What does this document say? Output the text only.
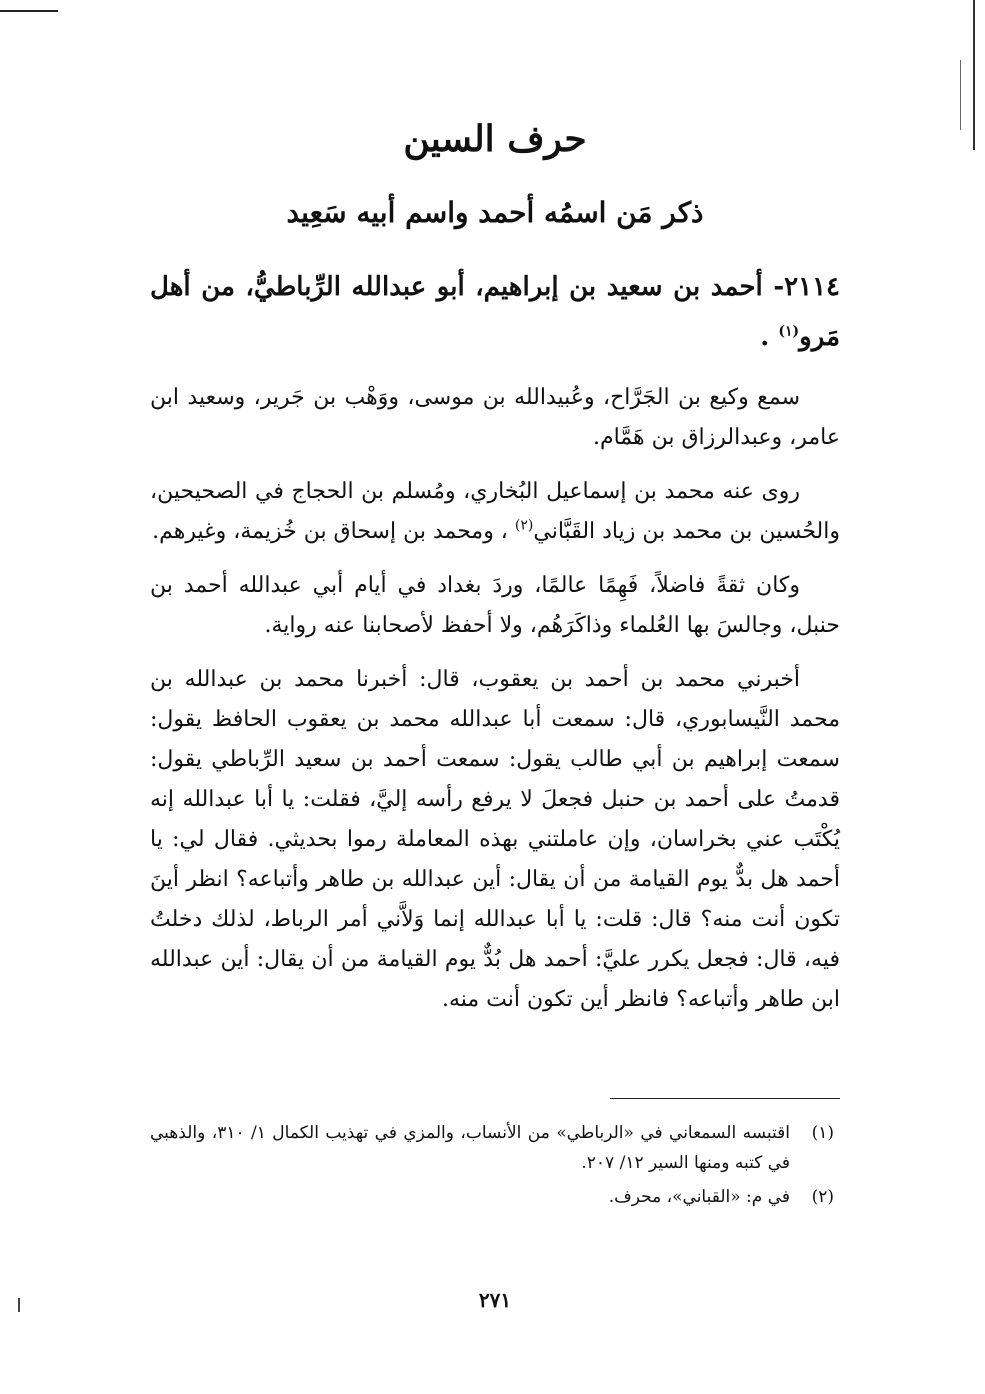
حرف السين
ذكر مَن اسمُه أحمد واسم أبيه سَعِيد

٢١١٤- أحمد بن سعيد بن إبراهيم، أبو عبدالله الرِّباطيُّ، من أهل مَرو$^{(١)}$ .

سمع وكيع بن الجَرَّاح، وعُبيدالله بن موسى، ووَهْب بن جَرير، وسعيد ابن عامر، وعبدالرزاق بن هَمَّام.

روى عنه محمد بن إسماعيل البُخاري، ومُسلم بن الحجاج في الصحيحين، والحُسين بن محمد بن زياد القَبَّاني$^{(٢)}$ ، ومحمد بن إسحاق بن خُزيمة، وغيرهم.

وكان ثقةً فاضلاً، فَهِمًا عالمًا، وردَ بغداد في أيام أبي عبدالله أحمد بن حنبل، وجالسَ بها العُلماء وذاكَرَهُم، ولا أحفظ لأصحابنا عنه رواية.

أخبرني محمد بن أحمد بن يعقوب، قال: أخبرنا محمد بن عبدالله بن محمد النَّيسابوري، قال: سمعت أبا عبدالله محمد بن يعقوب الحافظ يقول: سمعت إبراهيم بن أبي طالب يقول: سمعت أحمد بن سعيد الرِّباطي يقول: قدمتُ على أحمد بن حنبل فجعلَ لا يرفع رأسه إليَّ، فقلت: يا أبا عبدالله إنه يُكْتَب عني بخراسان، وإن عاملتني بهذه المعاملة رموا بحديثي. فقال لي: يا أحمد هل بدٌّ يوم القيامة من أن يقال: أين عبدالله بن طاهر وأتباعه؟ انظر أينَ تكون أنت منه؟ قال: قلت: يا أبا عبدالله إنما وَلاَّني أمر الرباط، لذلك دخلتُ فيه، قال: فجعل يكرر عليَّ: أحمد هل بُدٌّ يوم القيامة من أن يقال: أين عبدالله ابن طاهر وأتباعه؟ فانظر أين تكون أنت منه.

(١)
اقتبسه السمعاني في «الرباطي» من الأنساب، والمزي في تهذيب الكمال ١/ ٣١٠، والذهبي في كتبه ومنها السير ١٢/ ٢٠٧.
(٢)
في م: «القباني»، محرف.
٢٧١
